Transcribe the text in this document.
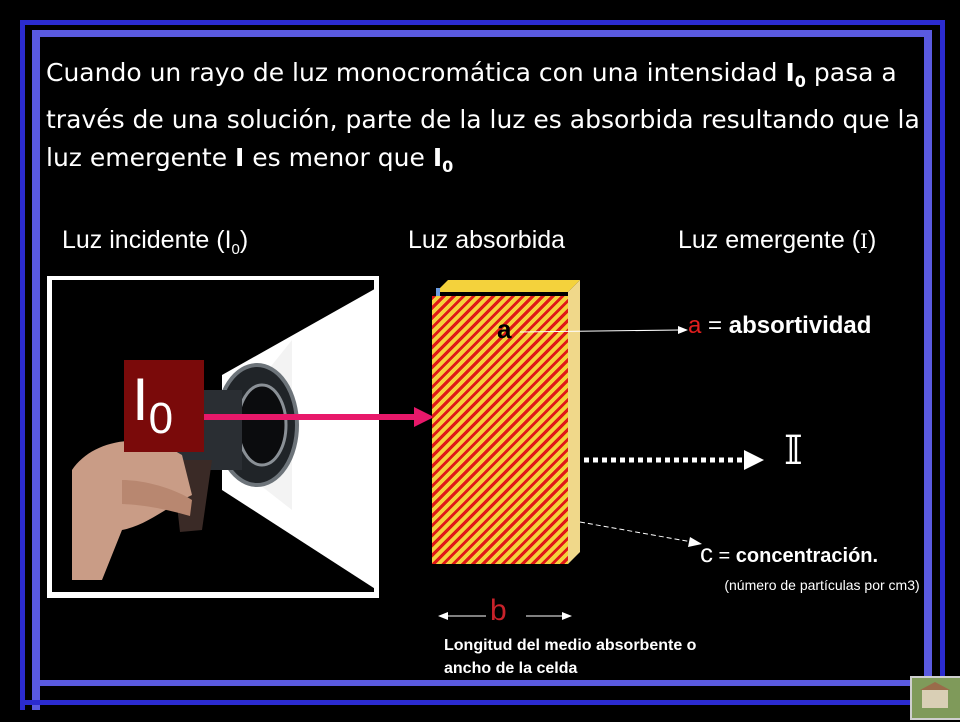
Cuando un rayo de luz monocromática con una intensidad $I_0$ pasa a través de una solución, parte de la luz es absorbida resultando que la luz emergente I es menor que $I_0$
Luz incidente $(I_0)$	Luz absorbida	Luz emergente (I)
$I_0$
a	a = absortividad
𝕀
c = concentración.
(número de partículas por cm3)
b
Longitud del medio absorbente o ancho de la celda
